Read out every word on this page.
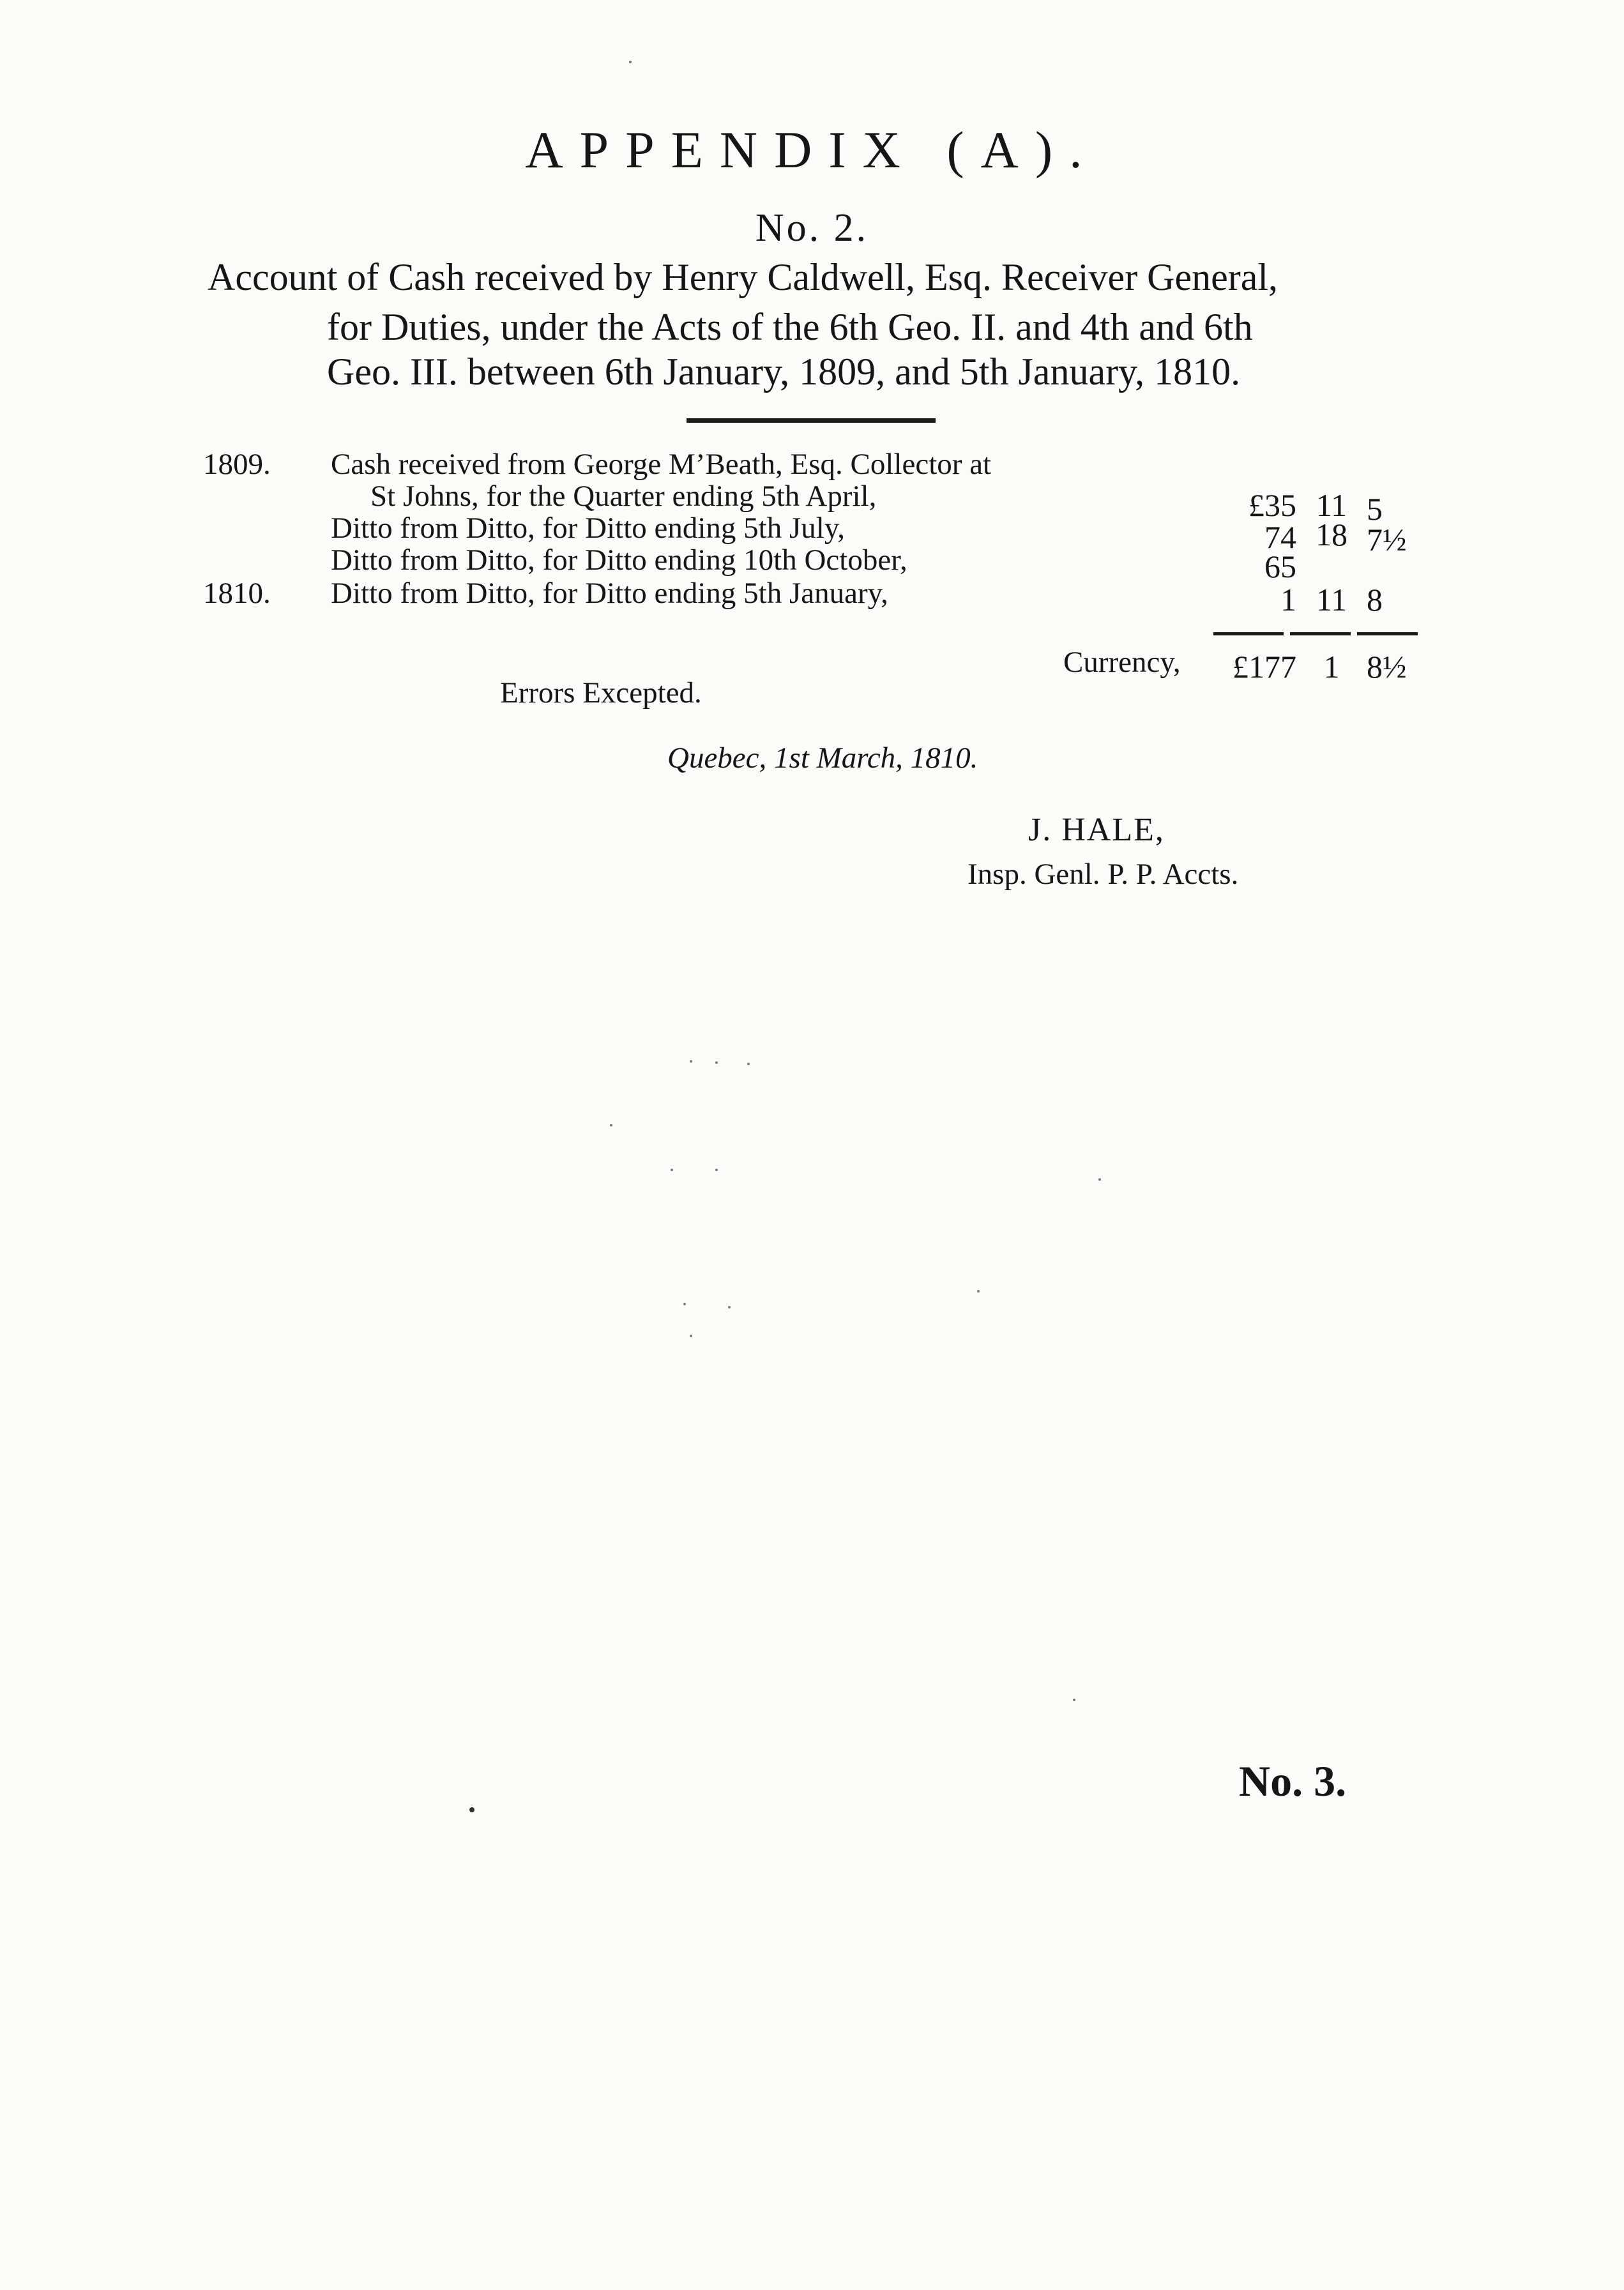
APPENDIX (A).
No. 2.
Account of Cash received by Henry Caldwell, Esq. Receiver General,
for Duties, under the Acts of the 6th Geo. II. and 4th and 6th
Geo. III. between 6th January, 1809, and 5th January, 1810.
1809. Cash received from George M’Beath, Esq. Collector at
St Johns, for the Quarter ending 5th April,	£35 11 5
Ditto from Ditto, for Ditto ending 5th July,	74 18 7½
Ditto from Ditto, for Ditto ending 10th October,	65
1810. Ditto from Ditto, for Ditto ending 5th January,	1 11 8
Currency,	£177 1 8½
Errors Excepted.
Quebec, 1st March, 1810.
J. HALE,
Insp. Genl. P. P. Accts.
No. 3.
